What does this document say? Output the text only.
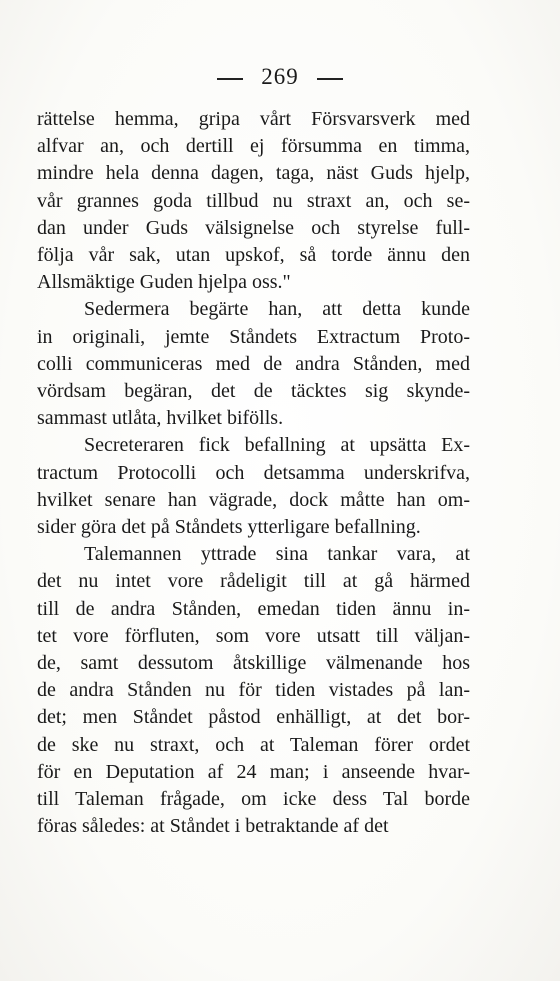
269
rättelse hemma, gripa vårt Försvarsverk med
alfvar an, och dertill ej försumma en timma,
mindre hela denna dagen, taga, näst Guds hjelp,
vår grannes goda tillbud nu straxt an, och se-
dan under Guds välsignelse och styrelse full-
följa vår sak, utan upskof, så torde ännu den
Allsmäktige Guden hjelpa oss."
Sedermera begärte han, att detta kunde
in originali, jemte Ståndets Extractum Proto-
colli communiceras med de andra Stånden, med
vördsam begäran, det de täcktes sig skynde-
sammast utlåta, hvilket bifölls.
Secreteraren fick befallning at upsätta Ex-
tractum Protocolli och detsamma underskrifva,
hvilket senare han vägrade, dock måtte han om-
sider göra det på Ståndets ytterligare befallning.
Talemannen yttrade sina tankar vara, at
det nu intet vore rådeligit till at gå härmed
till de andra Stånden, emedan tiden ännu in-
tet vore förfluten, som vore utsatt till väljan-
de, samt dessutom åtskillige välmenande hos
de andra Stånden nu för tiden vistades på lan-
det; men Ståndet påstod enhälligt, at det bor-
de ske nu straxt, och at Taleman förer ordet
för en Deputation af 24 man; i anseende hvar-
till Taleman frågade, om icke dess Tal borde
föras således: at Ståndet i betraktande af det
